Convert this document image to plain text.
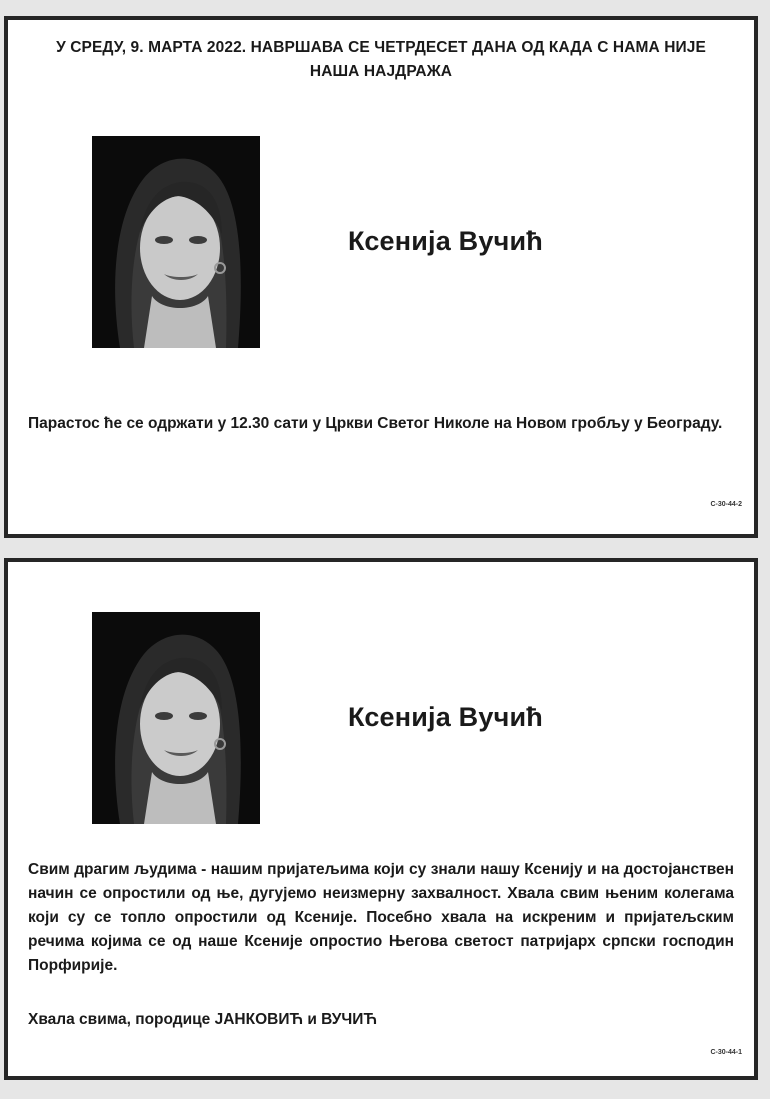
У СРЕДУ, 9. МАРТА 2022. НАВРШАВА СЕ ЧЕТРДЕСЕТ ДАНА ОД КАДА С НАМА НИЈЕ
НАША НАЈДРАЖА
Ксенија Вучић
Парастос ће се одржати у 12.30 сати у Цркви Светог Николе на Новом гробљу у Београду.
С-30-44-2
Ксенија Вучић
Свим драгим људима - нашим пријатељима који су знали нашу Ксенију и на достојанствен начин се опростили од ње, дугујемо неизмерну захвалност. Хвала свим њеним колегама који су се топло опростили од Ксеније. Посебно хвала на искреним и пријатељским речима којима се од наше Ксеније опростио Његова светост патријарх српски господин Порфирије.
Хвала свима, породице ЈАНКОВИЋ и ВУЧИЋ
С-30-44-1
